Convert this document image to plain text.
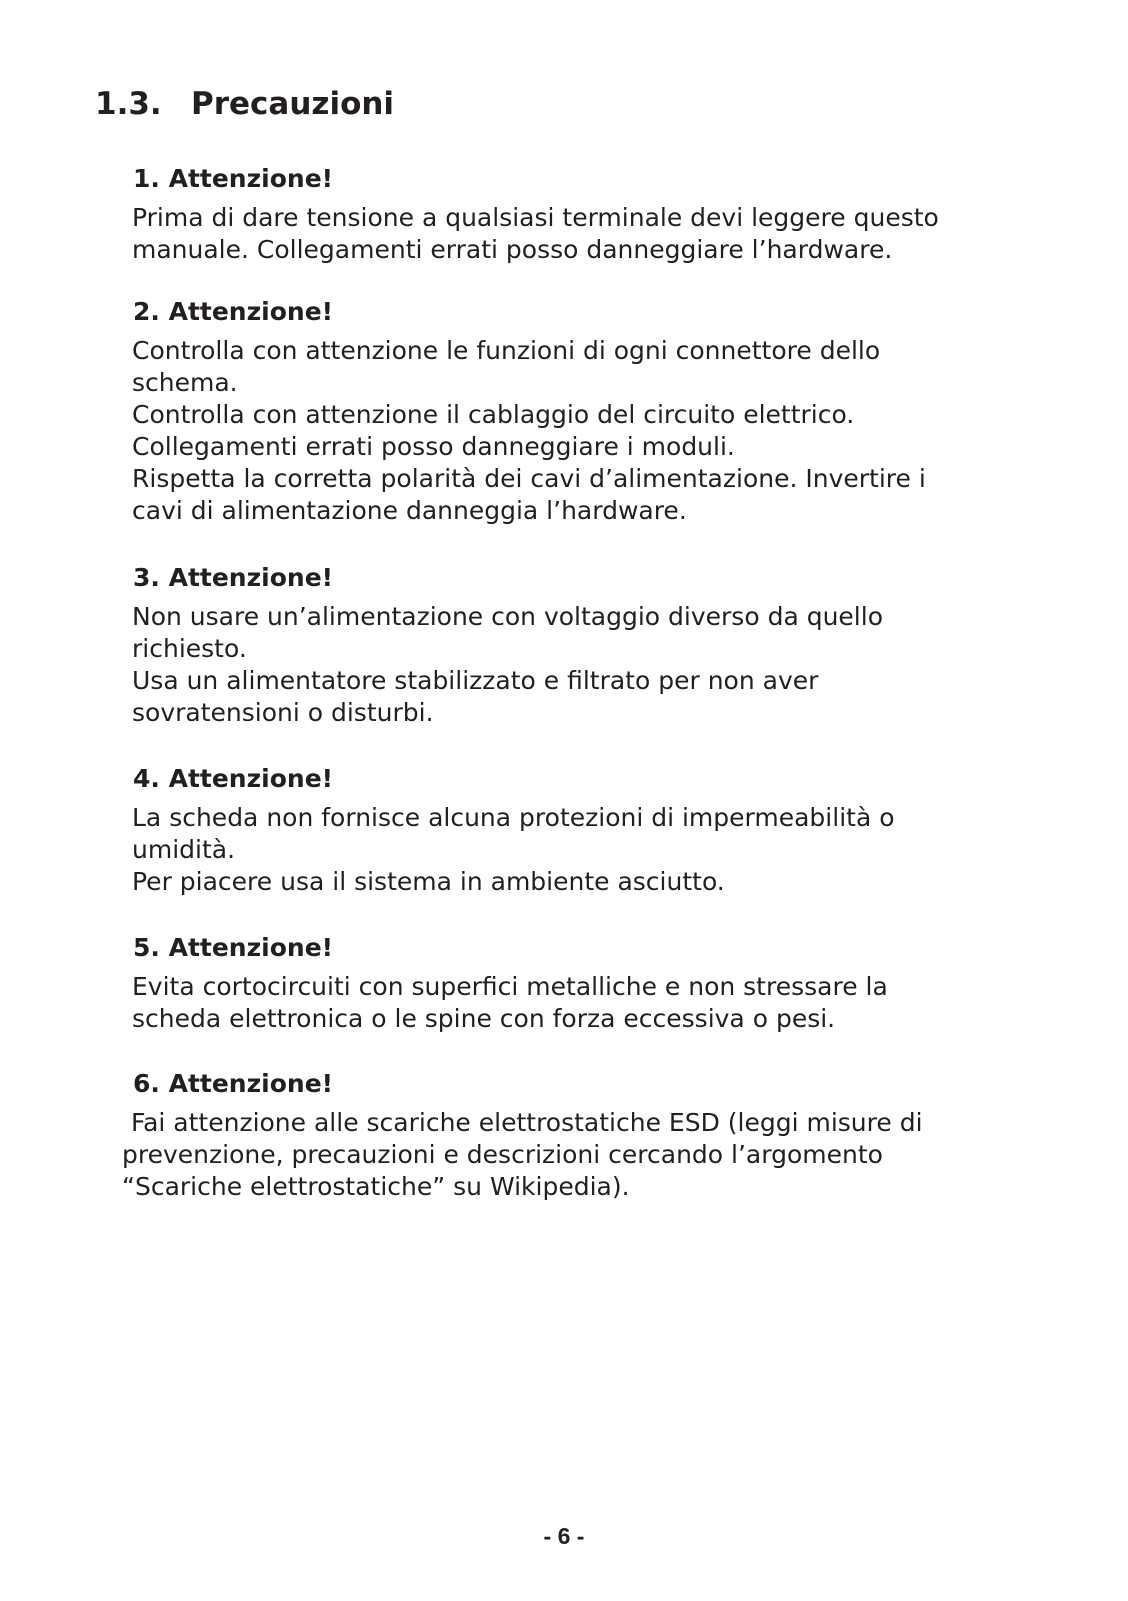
1.3. Precauzioni
1. Attenzione!

Prima di dare tensione a qualsiasi terminale devi leggere questo

manuale. Collegamenti errati posso danneggiare l’hardware.

2. Attenzione!

Controlla con attenzione le funzioni di ogni connettore dello

schema.

Controlla con attenzione il cablaggio del circuito elettrico.

Collegamenti errati posso danneggiare i moduli.

Rispetta la corretta polarità dei cavi d’alimentazione. Invertire i

cavi di alimentazione danneggia l’hardware.

3. Attenzione!

Non usare un’alimentazione con voltaggio diverso da quello

richiesto.

Usa un alimentatore stabilizzato e filtrato per non aver

sovratensioni o disturbi.

4. Attenzione!

La scheda non fornisce alcuna protezioni di impermeabilità o

umidità.

Per piacere usa il sistema in ambiente asciutto.

5. Attenzione!

Evita cortocircuiti con superfici metalliche e non stressare la

scheda elettronica o le spine con forza eccessiva o pesi.

6. Attenzione!

Fai attenzione alle scariche elettrostatiche ESD (leggi misure di

prevenzione, precauzioni e descrizioni cercando l’argomento

“Scariche elettrostatiche” su Wikipedia).

- 6 -
